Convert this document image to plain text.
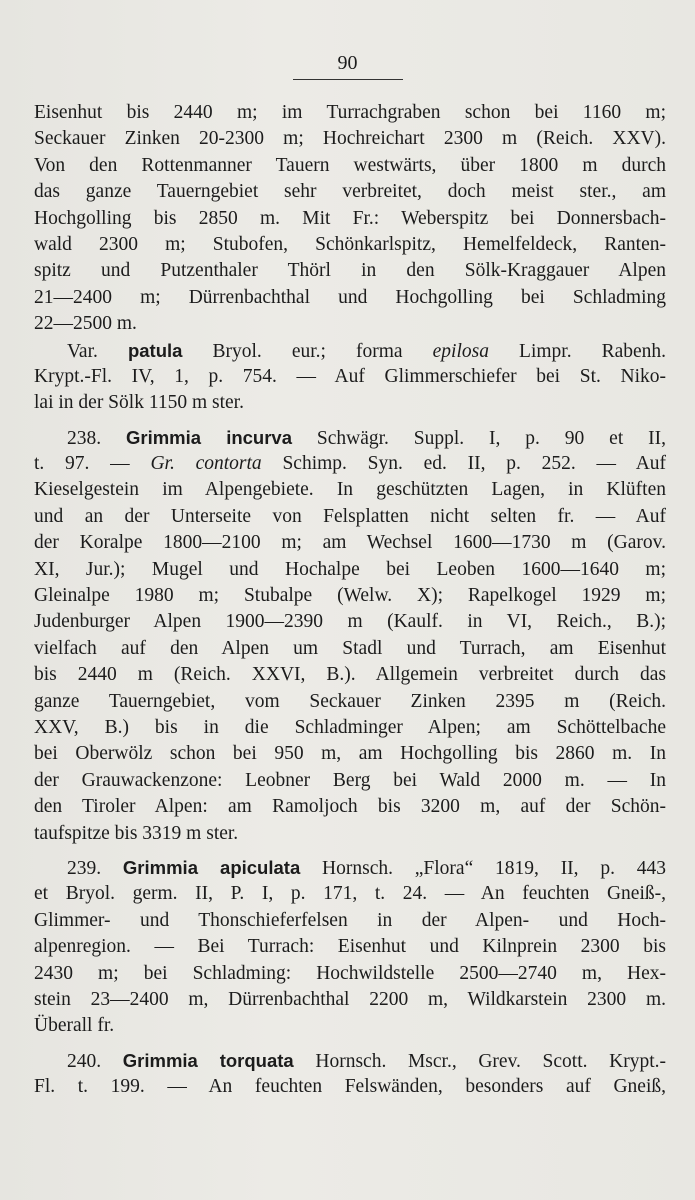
90
Eisenhut bis 2440 m; im Turrachgraben schon bei 1160 m;
Seckauer Zinken 20-2300 m; Hochreichart 2300 m (Reich. XXV).
Von den Rottenmanner Tauern westwärts, über 1800 m durch
das ganze Tauerngebiet sehr verbreitet, doch meist ster., am
Hochgolling bis 2850 m. Mit Fr.: Weberspitz bei Donnersbach-
wald 2300 m; Stubofen, Schönkarlspitz, Hemelfeldeck, Ranten-
spitz und Putzenthaler Thörl in den Sölk-Kraggauer Alpen
21—2400 m; Dürrenbachthal und Hochgolling bei Schladming
22—2500 m.
Var. patula Bryol. eur.; forma epilosa Limpr. Rabenh.
Krypt.-Fl. IV, 1, p. 754. — Auf Glimmerschiefer bei St. Niko-
lai in der Sölk 1150 m ster.
238. Grimmia incurva Schwägr. Suppl. I, p. 90 et II,
t. 97. — Gr. contorta Schimp. Syn. ed. II, p. 252. — Auf
Kieselgestein im Alpengebiete. In geschützten Lagen, in Klüften
und an der Unterseite von Felsplatten nicht selten fr. — Auf
der Koralpe 1800—2100 m; am Wechsel 1600—1730 m (Garov.
XI, Jur.); Mugel und Hochalpe bei Leoben 1600—1640 m;
Gleinalpe 1980 m; Stubalpe (Welw. X); Rapelkogel 1929 m;
Judenburger Alpen 1900—2390 m (Kaulf. in VI, Reich., B.);
vielfach auf den Alpen um Stadl und Turrach, am Eisenhut
bis 2440 m (Reich. XXVI, B.). Allgemein verbreitet durch das
ganze Tauerngebiet, vom Seckauer Zinken 2395 m (Reich.
XXV, B.) bis in die Schladminger Alpen; am Schöttelbache
bei Oberwölz schon bei 950 m, am Hochgolling bis 2860 m. In
der Grauwackenzone: Leobner Berg bei Wald 2000 m. — In
den Tiroler Alpen: am Ramoljoch bis 3200 m, auf der Schön-
taufspitze bis 3319 m ster.
239. Grimmia apiculata Hornsch. „Flora“ 1819, II, p. 443
et Bryol. germ. II, P. I, p. 171, t. 24. — An feuchten Gneiß-,
Glimmer- und Thonschieferfelsen in der Alpen- und Hoch-
alpenregion. — Bei Turrach: Eisenhut und Kilnprein 2300 bis
2430 m; bei Schladming: Hochwildstelle 2500—2740 m, Hex-
stein 23—2400 m, Dürrenbachthal 2200 m, Wildkarstein 2300 m.
Überall fr.
240. Grimmia torquata Hornsch. Mscr., Grev. Scott. Krypt.-
Fl. t. 199. — An feuchten Felswänden, besonders auf Gneiß,
